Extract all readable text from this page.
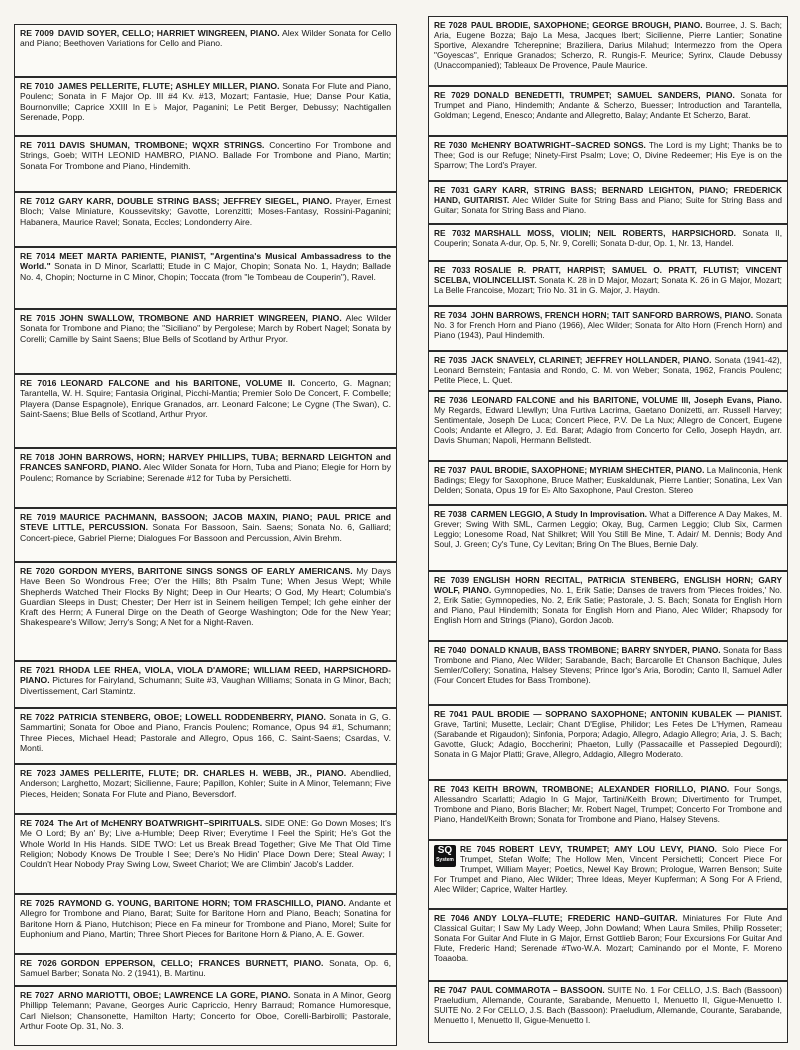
RE 7009 DAVID SOYER, CELLO; HARRIET WINGREEN, PIANO. Alex Wilder Sonata for Cello and Piano; Beethoven Variations for Cello and Piano.
RE 7010 JAMES PELLERITE, FLUTE; ASHLEY MILLER, PIANO. Sonata For Flute and Piano, Poulenc; Sonata in F Major Op. III #4 Kv. #13, Mozart; Fantasie, Hue; Danse Pour Katia, Bournonville; Caprice XXIII In E♭ Major, Paganini; Le Petit Berger, Debussy; Nachtigallen Serenade, Popp.
RE 7011 DAVIS SHUMAN, TROMBONE; WQXR STRINGS. Concertino For Trombone and Strings, Goeb; WITH LEONID HAMBRO, PIANO. Ballade For Trombone and Piano, Martin; Sonata For Trombone and Piano, Hindemith.
RE 7012 GARY KARR, DOUBLE STRING BASS; JEFFREY SIEGEL, PIANO. Prayer, Ernest Bloch; Valse Miniature, Koussevitsky; Gavotte, Lorenzitti; Moses-Fantasy, Rossini-Paganini; Habanera, Maurice Ravel; Sonata, Eccles; Londonderry Aire.
RE 7014 MEET MARTA PARIENTE, PIANIST, "Argentina's Musical Ambassadress to the World." Sonata in D Minor, Scarlatti; Etude in C Major, Chopin; Sonata No. 1, Haydn; Ballade No. 4, Chopin; Nocturne in C Minor, Chopin; Toccata (from "le Tombeau de Couperin"), Ravel.
RE 7015 JOHN SWALLOW, TROMBONE AND HARRIET WINGREEN, PIANO. Alec Wilder Sonata for Trombone and Piano; the "Siciliano" by Pergolese; March by Robert Nagel; Sonata by Corelli; Camille by Saint Saens; Blue Bells of Scotland by Arthur Pryor.
RE 7016 LEONARD FALCONE and his BARITONE, VOLUME II. Concerto, G. Magnan; Tarantella, W. H. Squire; Fantasia Original, Picchi-Mantia; Premier Solo De Concert, F. Combelle; Playera (Danse Espagnole), Enrique Granados, arr. Leonard Falcone; Le Cygne (The Swan), C. Saint-Saens; Blue Bells of Scotland, Arthur Pryor.
RE 7018 JOHN BARROWS, HORN; HARVEY PHILLIPS, TUBA; BERNARD LEIGHTON and FRANCES SANFORD, PIANO. Alec Wilder Sonata for Horn, Tuba and Piano; Elegie for Horn by Poulenc; Romance by Scriabine; Serenade #12 for Tuba by Persichetti.
RE 7019 MAURICE PACHMANN, BASSOON; JACOB MAXIN, PIANO; PAUL PRICE and STEVE LITTLE, PERCUSSION. Sonata For Bassoon, Sain. Saens; Sonata No. 6, Galliard; Concert-piece, Gabriel Pierne; Dialogues For Bassoon and Percussion, Alvin Brehm.
RE 7020 GORDON MYERS, BARITONE SINGS SONGS OF EARLY AMERICANS. My Days Have Been So Wondrous Free; O'er the Hills; 8th Psalm Tune; When Jesus Wept; While Shepherds Watched Their Flocks By Night; Deep in Our Hearts; O God, My Heart; Columbia's Guardian Sleeps in Dust; Chester; Der Herr ist in Seinem heiligen Tempel; Ich gehe einher der Kraft des Herrn; A Funeral Dirge on the Death of George Washington; Ode for the New Year; Shakespeare's Willow; Jerry's Song; A Net for a Night-Raven.
RE 7021 RHODA LEE RHEA, VIOLA, VIOLA D'AMORE; WILLIAM REED, HARPSICHORD-PIANO. Pictures for Fairyland, Schumann; Suite #3, Vaughan Williams; Sonata in G Minor, Bach; Divertissement, Carl Stamintz.
RE 7022 PATRICIA STENBERG, OBOE; LOWELL RODDENBERRY, PIANO. Sonata in G, G. Sammartini; Sonata for Oboe and Piano, Francis Poulenc; Romance, Opus 94 #1, Schumann; Three Pieces, Michael Head; Pastorale and Allegro, Opus 166, C. Saint-Saens; Csardas, V. Monti.
RE 7023 JAMES PELLERITE, FLUTE; DR. CHARLES H. WEBB, JR., PIANO. Abendlied, Anderson; Larghetto, Mozart; Sicilienne, Faure; Papillon, Kohler; Suite in A Minor, Telemann; Five Pieces, Heiden; Sonata For Flute and Piano, Beversdorf.
RE 7024 The Art of McHENRY BOATWRIGHT–SPIRITUALS. SIDE ONE: Go Down Moses; It's Me O Lord; By an' By; Live a-Humble; Deep River; Everytime I Feel the Spirit; He's Got the Whole World In His Hands. SIDE TWO: Let us Break Bread Together; Give Me That Old Time Religion; Nobody Knows De Trouble I See; Dere's No Hidin' Place Down Dere; Steal Away; I Couldn't Hear Nobody Pray Swing Low, Sweet Chariot; We are Climbin' Jacob's Ladder.
RE 7025 RAYMOND G. YOUNG, BARITONE HORN; TOM FRASCHILLO, PIANO. Andante et Allegro for Trombone and Piano, Barat; Suite for Baritone Horn and Piano, Beach; Sonatina for Baritone Horn & Piano, Hutchison; Piece en Fa mineur for Trombone and Piano, Morel; Suite for Euphonium and Piano, Martin; Three Short Pieces for Baritone Horn & Piano, A. E. Gower.
RE 7026 GORDON EPPERSON, CELLO; FRANCES BURNETT, PIANO. Sonata, Op. 6, Samuel Barber; Sonata No. 2 (1941), B. Martinu.
RE 7027 ARNO MARIOTTI, OBOE; LAWRENCE LA GORE, PIANO. Sonata in A Minor, Georg Phillipp Telemann; Pavane, Georges Auric Capriccio, Henry Barraud; Romance Humoresque, Carl Nielson; Chansonette, Hamilton Harty; Concerto for Oboe, Corelli-Barbirolli; Pastorale, Arthur Foote Op. 31, No. 3.
RE 7028 PAUL BRODIE, SAXOPHONE; GEORGE BROUGH, PIANO. Bourree, J. S. Bach; Aria, Eugene Bozza; Bajo La Mesa, Jacques Ibert; Sicilienne, Pierre Lantier; Sonatine Sportive, Alexandre Tcherepnine; Braziliera, Darius Milahud; Intermezzo from the Opera "Goyescas", Enrique Granados; Scherzo, R. Rungis-F. Meurice; Syrinx, Claude Debussy (Unaccompanied); Tableaux De Provence, Paule Maurice.
RE 7029 DONALD BENEDETTI, TRUMPET; SAMUEL SANDERS, PIANO. Sonata for Trumpet and Piano, Hindemith; Andante & Scherzo, Buesser; Introduction and Tarantella, Goldman; Legend, Enesco; Andante and Allegretto, Balay; Andante Et Scherzo, Barat.
RE 7030 McHENRY BOATWRIGHT–SACRED SONGS. The Lord is my Light; Thanks be to Thee; God is our Refuge; Ninety-First Psalm; Love; O, Divine Redeemer; His Eye is on the Sparrow; The Lord's Prayer.
RE 7031 GARY KARR, STRING BASS; BERNARD LEIGHTON, PIANO; FREDERICK HAND, GUITARIST. Alec Wilder Suite for String Bass and Piano; Suite for String Bass and Guitar; Sonata for String Bass and Piano.
RE 7032 MARSHALL MOSS, VIOLIN; NEIL ROBERTS, HARPSICHORD. Sonata II, Couperin; Sonata A-dur, Op. 5, Nr. 9, Corelli; Sonata D-dur, Op. 1, Nr. 13, Handel.
RE 7033 ROSALIE R. PRATT, HARPIST; SAMUEL O. PRATT, FLUTIST; VINCENT SCELBA, VIOLINCELLIST. Sonata K. 28 in D Major, Mozart; Sonata K. 26 in G Major, Mozart; La Belle Francoise, Mozart; Trio No. 31 in G. Major, J. Haydn.
RE 7034 JOHN BARROWS, FRENCH HORN; TAIT SANFORD BARROWS, PIANO. Sonata No. 3 for French Horn and Piano (1966), Alec Wilder; Sonata for Alto Horn (French Horn) and Piano (1943), Paul Hindemith.
RE 7035 JACK SNAVELY, CLARINET; JEFFREY HOLLANDER, PIANO. Sonata (1941-42), Leonard Bernstein; Fantasia and Rondo, C. M. von Weber; Sonata, 1962, Francis Poulenc; Petite Piece, L. Quet.
RE 7036 LEONARD FALCONE and his BARITONE, VOLUME III, Joseph Evans, Piano. My Regards, Edward Llewllyn; Una Furtiva Lacrima, Gaetano Donizetti, arr. Russell Harvey; Sentimentale, Joseph De Luca; Concert Piece, P.V. De La Nux; Allegro de Concert, Eugene Cools; Andante et Allegro, J. Ed. Barat; Adagio from Concerto for Cello, Joseph Haydn, arr. Davis Shuman; Napoli, Hermann Bellstedt.
RE 7037 PAUL BRODIE, SAXOPHONE; MYRIAM SHECHTER, PIANO. La Malinconia, Henk Badings; Elegy for Saxophone, Bruce Mather; Euskaldunak, Pierre Lantier; Sonatina, Lex Van Delden; Sonata, Opus 19 for E♭ Alto Saxophone, Paul Creston. Stereo
RE 7038 CARMEN LEGGIO, A Study In Improvisation. What a Difference A Day Makes, M. Grever; Swing With SML, Carmen Leggio; Okay, Bug, Carmen Leggio; Club Six, Carmen Leggio; Lonesome Road, Nat Shilkret; Will You Still Be Mine, T. Adair/ M. Dennis; Body And Soul, J. Green; Cy's Tune, Cy Levitan; Bring On The Blues, Bernie Daly.
RE 7039 ENGLISH HORN RECITAL, PATRICIA STENBERG, ENGLISH HORN; GARY WOLF, PIANO. Gymnopedies, No. 1, Erik Satie; Danses de travers from 'Pieces froides,' No. 2, Erik Satie; Gymnopedies, No. 2, Erik Satie; Pastorale, J. S. Bach; Sonata for English Horn and Piano, Paul Hindemith; Sonata for English Horn and Piano, Alec Wilder; Rhapsody for English Horn and Strings (Piano), Gordon Jacob.
RE 7040 DONALD KNAUB, BASS TROMBONE; BARRY SNYDER, PIANO. Sonata for Bass Trombone and Piano, Alec Wilder; Sarabande, Bach; Barcarolle Et Chanson Bachique, Jules Semler/Collery; Sonatina, Halsey Stevens; Prince Igor's Aria, Borodin; Canto II, Samuel Adler (Four Concert Etudes for Bass Trombone).
RE 7041 PAUL BRODIE — SOPRANO SAXOPHONE; ANTONIN KUBALEK — PIANIST. Grave, Tartini; Musette, Leclair; Chant D'Eglise, Philidor; Les Fetes De L'Hymen, Rameau (Sarabande et Rigaudon); Sinfonia, Porpora; Adagio, Allegro, Adagio Allegro; Aria, J. S. Bach; Gavotte, Gluck; Adagio, Boccherini; Phaeton, Lully (Passacaille et Passepied Degourdi); Sonata in G Major Platti; Grave, Allegro, Addagio, Allegro Moderato.
RE 7043 KEITH BROWN, TROMBONE; ALEXANDER FIORILLO, PIANO. Four Songs, Allessandro Scarlatti; Adagio In G Major, Tartini/Keith Brown; Divertimento for Trumpet, Trombone and Piano, Boris Blacher; Mr. Robert Nagel, Trumpet; Concerto For Trombone and Piano, Handel/Keith Brown; Sonata for Trombone and Piano, Halsey Stevens.
SQ
System
RE 7045 ROBERT LEVY, TRUMPET; AMY LOU LEVY, PIANO. Solo Piece For Trumpet, Stefan Wolfe; The Hollow Men, Vincent Persichetti; Concert Piece For Trumpet, William Mayer; Poetics, Newel Kay Brown; Prologue, Warren Benson; Suite For Trumpet and Piano, Alec Wilder; Three Ideas, Meyer Kupferman; A Song For A Friend, Alec Wilder; Caprice, Walter Hartley.
RE 7046 ANDY LOLYA–FLUTE; FREDERIC HAND–GUITAR. Miniatures For Flute And Classical Guitar; I Saw My Lady Weep, John Dowland; When Laura Smiles, Philip Rosseter; Sonata For Guitar And Flute in G Major, Ernst Gottlieb Baron; Four Excursions For Guitar And Flute, Frederic Hand; Serenade #Two-W.A. Mozart; Caminando por el Monte, F. Moreno Toaaoba.
RE 7047 PAUL COMMAROTA – BASSOON. SUITE No. 1 For CELLO, J.S. Bach (Bassoon) Praeludium, Allemande, Courante, Sarabande, Menuetto I, Menuetto II, Gigue-Menuetto I. SUITE No. 2 For CELLO, J.S. Bach (Bassoon): Praeludium, Allemande, Courante, Sarabande, Menuetto I, Menuetto II, Gigue-Menuetto I.
